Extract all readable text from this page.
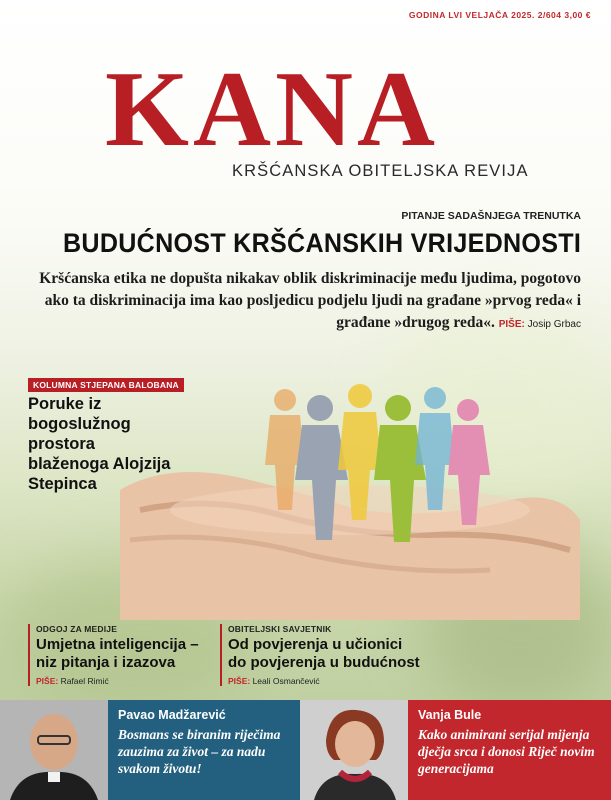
GODINA LVI VELJAČA 2025. 2/604 3,00 €
KANA
KRŠĆANSKA OBITELJSKA REVIJA
PITANJE SADAŠNJEGA TRENUTKA
BUDUĆNOST KRŠĆANSKIH VRIJEDNOSTI
Kršćanska etika ne dopušta nikakav oblik diskriminacije među ljudima, pogotovo ako ta diskriminacija ima kao posljedicu podjelu ljudi na građane »prvog reda« i građane »drugog reda«. PIŠE: Josip Grbac
KOLUMNA STJEPANA BALOBANA
Poruke iz bogoslužnog prostora blaženoga Alojzija Stepinca
ODGOJ ZA MEDIJE
Umjetna inteligencija – niz pitanja i izazova
PIŠE: Rafael Rimić
OBITELJSKI SAVJETNIK
Od povjerenja u učionici do povjerenja u budućnost
PIŠE: Leali Osmančević
Pavao Madžarević
Bosmans se biranim riječima zauzima za život – za nadu svakom životu!
Vanja Bule
Kako animirani serijal mijenja dječja srca i donosi Riječ novim generacijama
